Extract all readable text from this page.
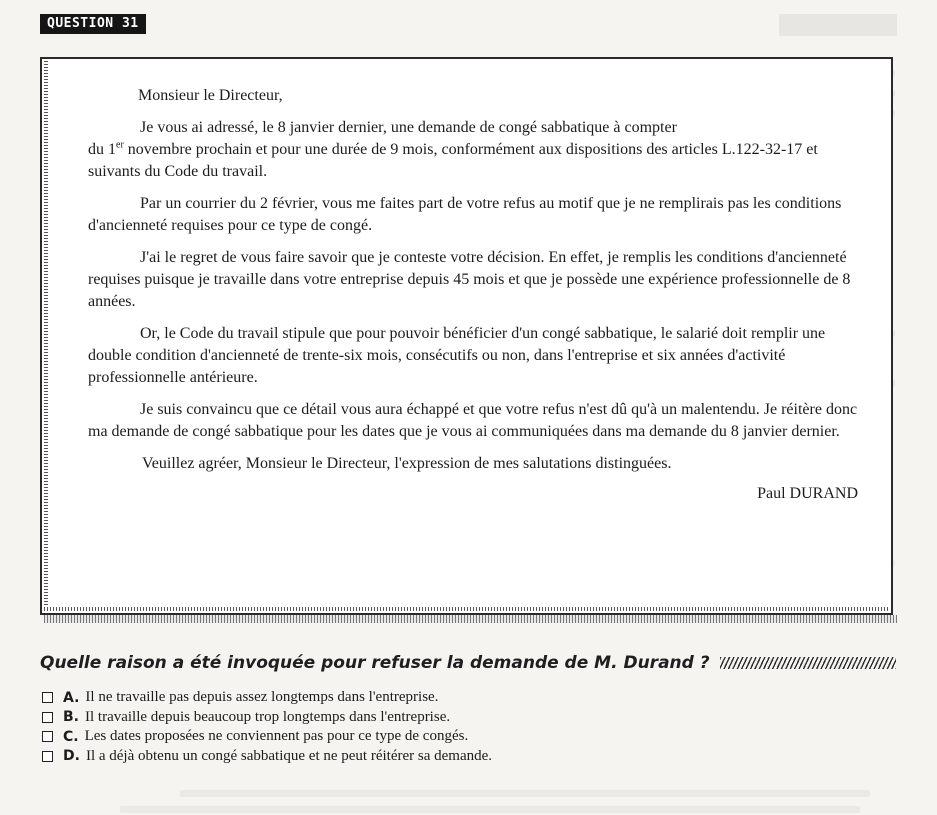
QUESTION 31

Monsieur le Directeur,

Je vous ai adressé, le 8 janvier dernier, une demande de congé sabbatique à compter
du 1er novembre prochain et pour une durée de 9 mois, conformément aux dispositions des articles L.122-32-17 et suivants du Code du travail.

Par un courrier du 2 février, vous me faites part de votre refus au motif que je ne remplirais pas les conditions d'ancienneté requises pour ce type de congé.

J'ai le regret de vous faire savoir que je conteste votre décision. En effet, je remplis les conditions d'ancienneté requises puisque je travaille dans votre entreprise depuis 45 mois et que je possède une expérience professionnelle de 8 années.

Or, le Code du travail stipule que pour pouvoir bénéficier d'un congé sabbatique, le salarié doit remplir une double condition d'ancienneté de trente-six mois, consécutifs ou non, dans l'entreprise et six années d'activité professionnelle antérieure.

Je suis convaincu que ce détail vous aura échappé et que votre refus n'est dû qu'à un malentendu. Je réitère donc ma demande de congé sabbatique pour les dates que je vous ai communiquées dans ma demande du 8 janvier dernier.

Veuillez agréer, Monsieur le Directeur, l'expression de mes salutations distinguées.

Paul DURAND

Quelle raison a été invoquée pour refuser la demande de M. Durand ?
A. Il ne travaille pas depuis assez longtemps dans l'entreprise.
B. Il travaille depuis beaucoup trop longtemps dans l'entreprise.
C. Les dates proposées ne conviennent pas pour ce type de congés.
D. Il a déjà obtenu un congé sabbatique et ne peut réitérer sa demande.
